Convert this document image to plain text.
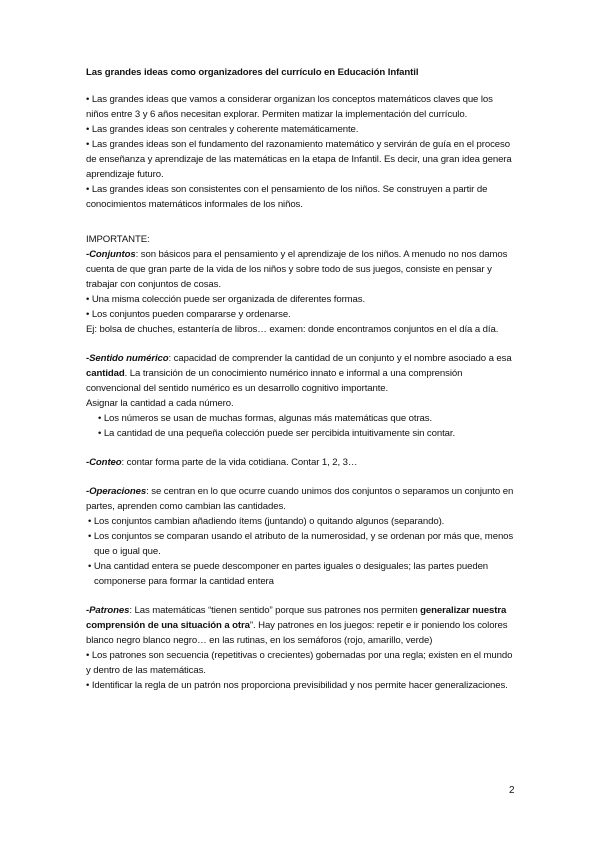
Las grandes ideas como organizadores del currículo en Educación Infantil

• Las grandes ideas que vamos a considerar organizan los conceptos matemáticos claves que los niños entre 3 y 6 años necesitan explorar. Permiten matizar la implementación del currículo.

• Las grandes ideas son centrales y coherente matemáticamente.

• Las grandes ideas son el fundamento del razonamiento matemático y servirán de guía en el proceso de enseñanza y aprendizaje de las matemáticas en la etapa de Infantil. Es decir, una gran idea genera aprendizaje futuro.

• Las grandes ideas son consistentes con el pensamiento de los niños. Se construyen a partir de conocimientos matemáticos informales de los niños.

IMPORTANTE:

-Conjuntos: son básicos para el pensamiento y el aprendizaje de los niños. A menudo no nos damos cuenta de que gran parte de la vida de los niños y sobre todo de sus juegos, consiste en pensar y trabajar con conjuntos de cosas.

• Una misma colección puede ser organizada de diferentes formas.

• Los conjuntos pueden compararse y ordenarse.

Ej: bolsa de chuches, estantería de libros… examen: donde encontramos conjuntos en el día a día.

-Sentido numérico: capacidad de comprender la cantidad de un conjunto y el nombre asociado a esa cantidad. La transición de un conocimiento numérico innato e informal a una comprensión convencional del sentido numérico es un desarrollo cognitivo importante.

Asignar la cantidad a cada número.

• Los números se usan de muchas formas, algunas más matemáticas que otras.

• La cantidad de una pequeña colección puede ser percibida intuitivamente sin contar.

-Conteo: contar forma parte de la vida cotidiana. Contar 1, 2, 3…

-Operaciones: se centran en lo que ocurre cuando unimos dos conjuntos o separamos un conjunto en partes, aprenden como cambian las cantidades.

• Los conjuntos cambian añadiendo ítems (juntando) o quitando algunos (separando).

• Los conjuntos se comparan usando el atributo de la numerosidad, y se ordenan por más que, menos que o igual que.

• Una cantidad entera se puede descomponer en partes iguales o desiguales; las partes pueden componerse para formar la cantidad entera

-Patrones: Las matemáticas “tienen sentido” porque sus patrones nos permiten generalizar nuestra comprensión de una situación a otra”. Hay patrones en los juegos: repetir e ir poniendo los colores blanco negro blanco negro… en las rutinas, en los semáforos (rojo, amarillo, verde)

• Los patrones son secuencia (repetitivas o crecientes) gobernadas por una regla; existen en el mundo y dentro de las matemáticas.

• Identificar la regla de un patrón nos proporciona previsibilidad y nos permite hacer generalizaciones.

2
